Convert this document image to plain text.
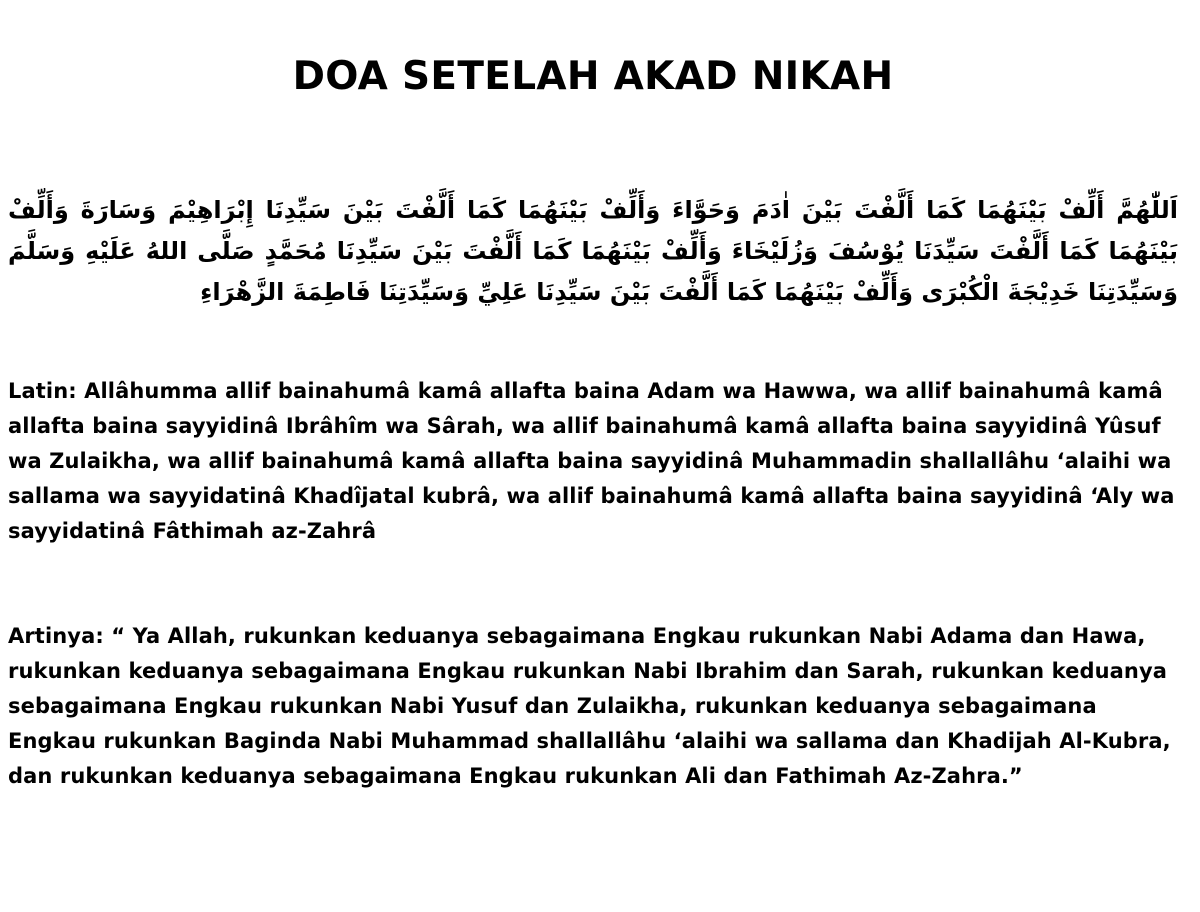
DOA SETELAH AKAD NIKAH

اَللّٰهُمَّ أَلِّفْ بَيْنَهُمَا كَمَا أَلَّفْتَ بَيْنَ اٰدَمَ وَحَوَّاءَ وَأَلِّفْ بَيْنَهُمَا كَمَا أَلَّفْتَ بَيْنَ سَيِّدِنَا إِبْرَاهِيْمَ وَسَارَةَ وَأَلِّفْ بَيْنَهُمَا كَمَا أَلَّفْتَ سَيِّدَنَا يُوْسُفَ وَزُلَيْخَاءَ وَأَلِّفْ بَيْنَهُمَا كَمَا أَلَّفْتَ بَيْنَ سَيِّدِنَا مُحَمَّدٍ صَلَّى اللهُ عَلَيْهِ وَسَلَّمَ وَسَيِّدَتِنَا خَدِيْجَةَ الْكُبْرَى وَأَلِّفْ بَيْنَهُمَا كَمَا أَلَّفْتَ بَيْنَ سَيِّدِنَا عَلِيِّ وَسَيِّدَتِنَا فَاطِمَةَ الزَّهْرَاءِ

Latin: Allâhumma allif bainahumâ kamâ allafta baina Adam wa Hawwa, wa allif bainahumâ kamâ allafta baina sayyidinâ Ibrâhîm wa Sârah, wa allif bainahumâ kamâ allafta baina sayyidinâ Yûsuf wa Zulaikha, wa allif bainahumâ kamâ allafta baina sayyidinâ Muhammadin shallallâhu ‘alaihi wa sallama wa sayyidatinâ Khadîjatal kubrâ, wa allif bainahumâ kamâ allafta baina sayyidinâ ‘Aly wa sayyidatinâ Fâthimah az-Zahrâ

Artinya: “ Ya Allah, rukunkan keduanya sebagaimana Engkau rukunkan Nabi Adama dan Hawa, rukunkan keduanya sebagaimana Engkau rukunkan Nabi Ibrahim dan Sarah, rukunkan keduanya sebagaimana Engkau rukunkan Nabi Yusuf dan Zulaikha, rukunkan keduanya sebagaimana Engkau rukunkan Baginda Nabi Muhammad shallallâhu ‘alaihi wa sallama dan Khadijah Al-Kubra, dan rukunkan keduanya sebagaimana Engkau rukunkan Ali dan Fathimah Az-Zahra.”
